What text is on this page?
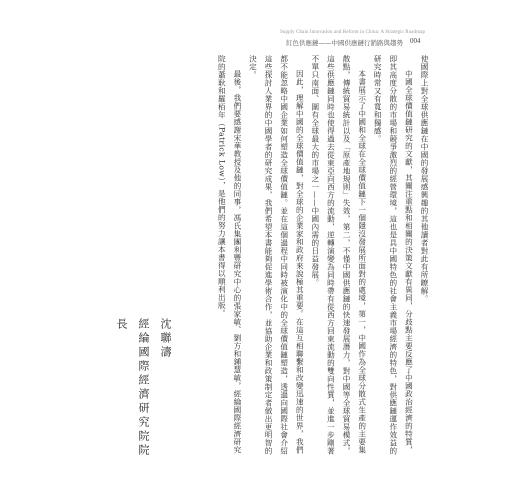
Supply Chain Innovation and Reform in China: A Strategic Roadmap
紅色供應鏈——中國供應鏈行銷路與趨勢	004

使國際上對全球供應鏈在中國的發展感興趣的其他讀者對此有所瞭解。

中國全球價值鏈研究的文獻，其關注重點和相關的決策文獻有異同，分歧點主要反應了中國政治經濟的特質，即其高度分散的市場和競爭激烈的經營環境，這也是具中國特色的社會主義市場經濟的特色，對供應鏈運作效益的研究時常又有寬和獨感。

本書展示了中國和全球在全球價值鏈下一個隱沒發展所面對的處境，第一，中國作為全球分散式生產的主要集散點，傳統貿易統計以及「原產地規則」失效，第二，不僅中國供應鏈的快速發展潛力，對中國等全球貿易模式，這些供應鏈同時也使得過去從東亞向西方的流動，逆轉演變為同時帶有從西方回東流動的雙向性質，並進一步剛著不單只南面、圍有全球最大的市場之一——中國內需的日益發展。

因此，理解中國的全球價值鏈，對全球的企業家和政府來說極其重要。在這互相聯繫和改變迅速的世界，我們都不能忽略中國企業如何塑造全球價值鏈。並在這個過程中同時被演化中的全球價值鏈塑造，透過向國際社會介紹這些探討人業界的中國學者的研究成果，我們希望本書能夠促進學術合作，並協助企業和政策制定者做出更明智的決定。

最後，我們要感謝宋華教授及他的同事，馮氏集團利豐研究中心的張家敏、劉方和鍾慧敏，經綸國際經濟研究院的蕭耿和羅栢年（Patrick Low），是他們的努力讓本書得以順利出版。

沈聯濤
經綸國際經濟研究院院長
